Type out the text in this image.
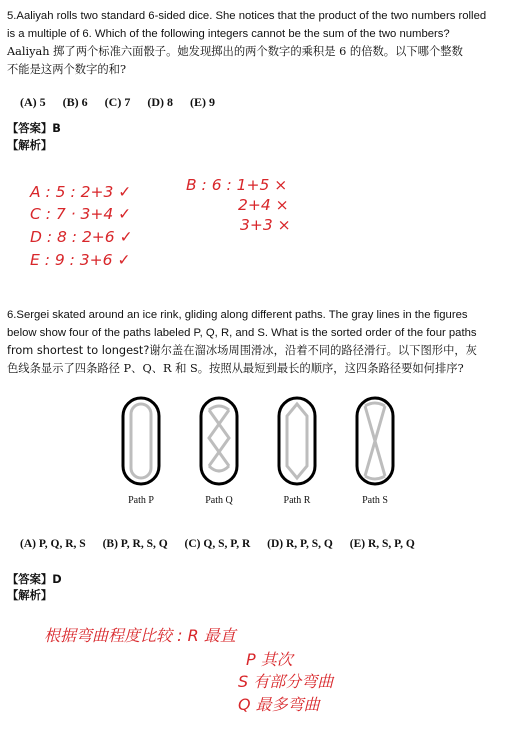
5.Aaliyah rolls two standard 6-sided dice. She notices that the product of the two numbers rolled
is a multiple of 6. Which of the following integers cannot be the sum of the two numbers?
Aaliyah 掷了两个标准六面骰子。她发现掷出的两个数字的乘积是 6 的倍数。以下哪个整数
不能是这两个数字的和?
(A) 5 (B) 6 (C) 7 (D) 8 (E) 9
【答案】B
【解析】
A : 5 : 2+3 ✓
C : 7 · 3+4 ✓
D : 8 : 2+6 ✓
E : 9 : 3+6 ✓
B : 6 : 1+5 ×
2+4 ×
3+3 ×
6.Sergei skated around an ice rink, gliding along different paths. The gray lines in the figures
below show four of the paths labeled P, Q, R, and S. What is the sorted order of the four paths
from shortest to longest?谢尔盖在溜冰场周围滑冰，沿着不同的路径滑行。以下图形中，灰
色线条显示了四条路径 P、Q、R 和 S。按照从最短到最长的顺序，这四条路径要如何排序?
Path P	Path Q	Path R	Path S
(A) P, Q, R, S (B) P, R, S, Q (C) Q, S, P, R (D) R, P, S, Q (E) R, S, P, Q
【答案】D
【解析】
根据弯曲程度比较 : R 最直
P 其次
S 有部分弯曲
Q 最多弯曲
